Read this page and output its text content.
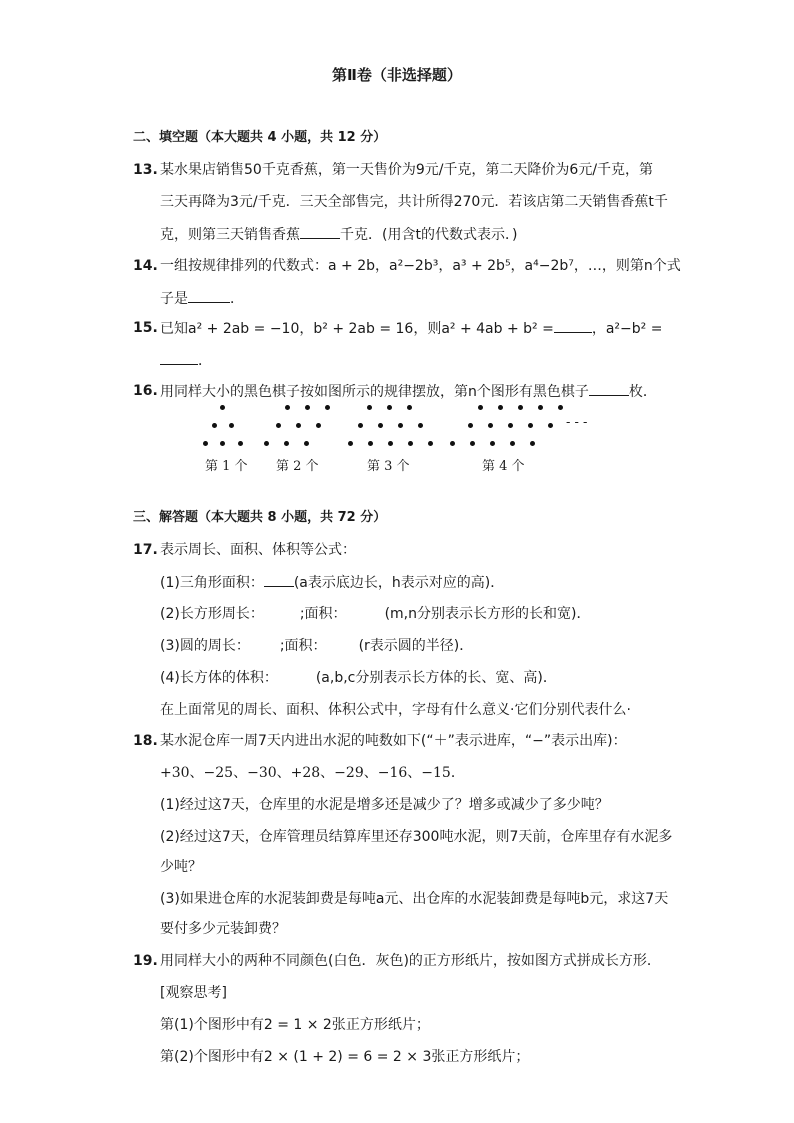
第Ⅱ卷（非选择题）
二、填空题（本大题共 4 小题，共 12 分）
13. 某水果店销售50千克香蕉，第一天售价为9元/千克，第二天降价为6元/千克，第
三天再降为3元/千克．三天全部售完，共计所得270元．若该店第二天销售香蕉t千
克，则第三天销售香蕉	千克．(用含t的代数式表示．)
14. 一组按规律排列的代数式：a + 2b，a²−2b³，a³ + 2b⁵，a⁴−2b⁷，…，则第n个式
子是	．
15. 已知a² + 2ab = −10，b² + 2ab = 16，则a² + 4ab + b² =	，a²−b² =
．
16. 用同样大小的黑色棋子按如图所示的规律摆放，第n个图形有黑色棋子	枚．
- - -
第 1 个 第 2 个	第 3 个	第 4 个
三、解答题（本大题共 8 小题，共 72 分）
17. 表示周长、面积、体积等公式：
(1)三角形面积： (a表示底边长，h表示对应的高)．
(2)长方形周长：	;面积：	(m,n分别表示长方形的长和宽)．
(3)圆的周长： ;面积： (r表示圆的半径)．
(4)长方体的体积：	(a,b,c分别表示长方体的长、宽、高)．
在上面常见的周长、面积、体积公式中，字母有什么意义·它们分别代表什么·
18. 某水泥仓库一周7天内进出水泥的吨数如下(“＋”表示进库，“−”表示出库)：
+30、−25、−30、+28、−29、−16、−15．
(1)经过这7天，仓库里的水泥是增多还是减少了？增多或减少了多少吨？
(2)经过这7天，仓库管理员结算库里还存300吨水泥，则7天前，仓库里存有水泥多
少吨？
(3)如果进仓库的水泥装卸费是每吨a元、出仓库的水泥装卸费是每吨b元，求这7天
要付多少元装卸费？
19. 用同样大小的两种不同颜色(白色．灰色)的正方形纸片，按如图方式拼成长方形．
[观察思考]
第(1)个图形中有2 = 1 × 2张正方形纸片；
第(2)个图形中有2 × (1 + 2) = 6 = 2 × 3张正方形纸片；
